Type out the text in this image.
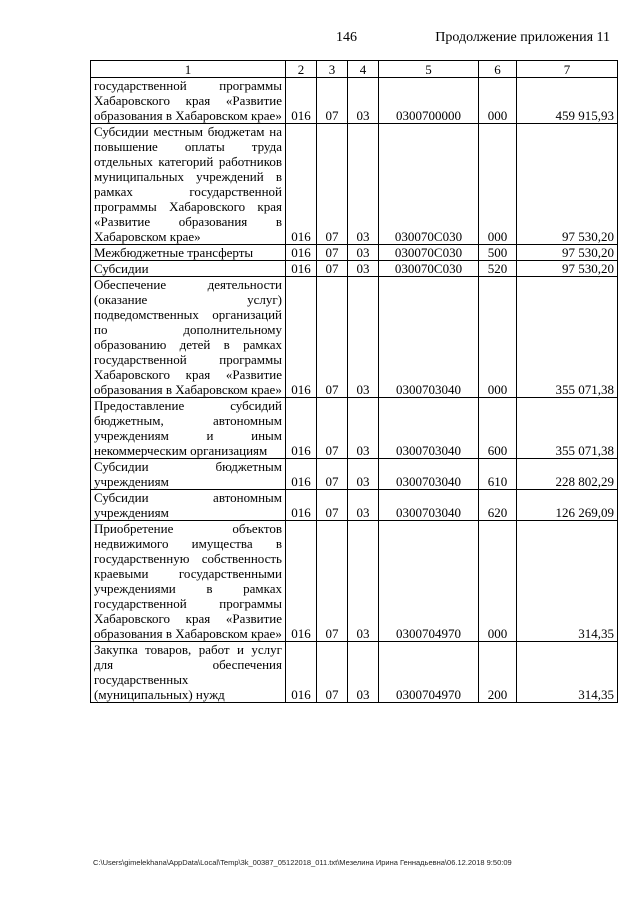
146	Продолжение приложения 11
1	2	3	4	5	6	7
государственной программы Хабаровского края «Развитие образования в Хабаровском крае»	016	07	03	0300700000	000	459 915,93
Субсидии местным бюджетам на повышение оплаты труда отдельных категорий работников муниципальных учреждений в рамках государственной программы Хабаровского края «Развитие образования в Хабаровском крае»	016	07	03	030070С030	000	97 530,20
Межбюджетные трансферты	016	07	03	030070С030	500	97 530,20
Субсидии	016	07	03	030070С030	520	97 530,20
Обеспечение деятельности (оказание услуг) подведомственных организаций по дополнительному образованию детей в рамках государственной программы Хабаровского края «Развитие образования в Хабаровском крае»	016	07	03	0300703040	000	355 071,38
Предоставление субсидий бюджетным, автономным учреждениям и иным некоммерческим организациям	016	07	03	0300703040	600	355 071,38
Субсидии бюджетным учреждениям	016	07	03	0300703040	610	228 802,29
Субсидии автономным учреждениям	016	07	03	0300703040	620	126 269,09
Приобретение объектов недвижимого имущества в государственную собственность краевыми государственными учреждениями в рамках государственной программы Хабаровского края «Развитие образования в Хабаровском крае»	016	07	03	0300704970	000	314,35
Закупка товаров, работ и услуг для обеспечения государственных (муниципальных) нужд	016	07	03	0300704970	200	314,35
C:\Users\gimelekhana\AppData\Local\Temp\3k_00387_05122018_011.txt\Мезелина Ирина Геннадьевна\06.12.2018 9:50:09
